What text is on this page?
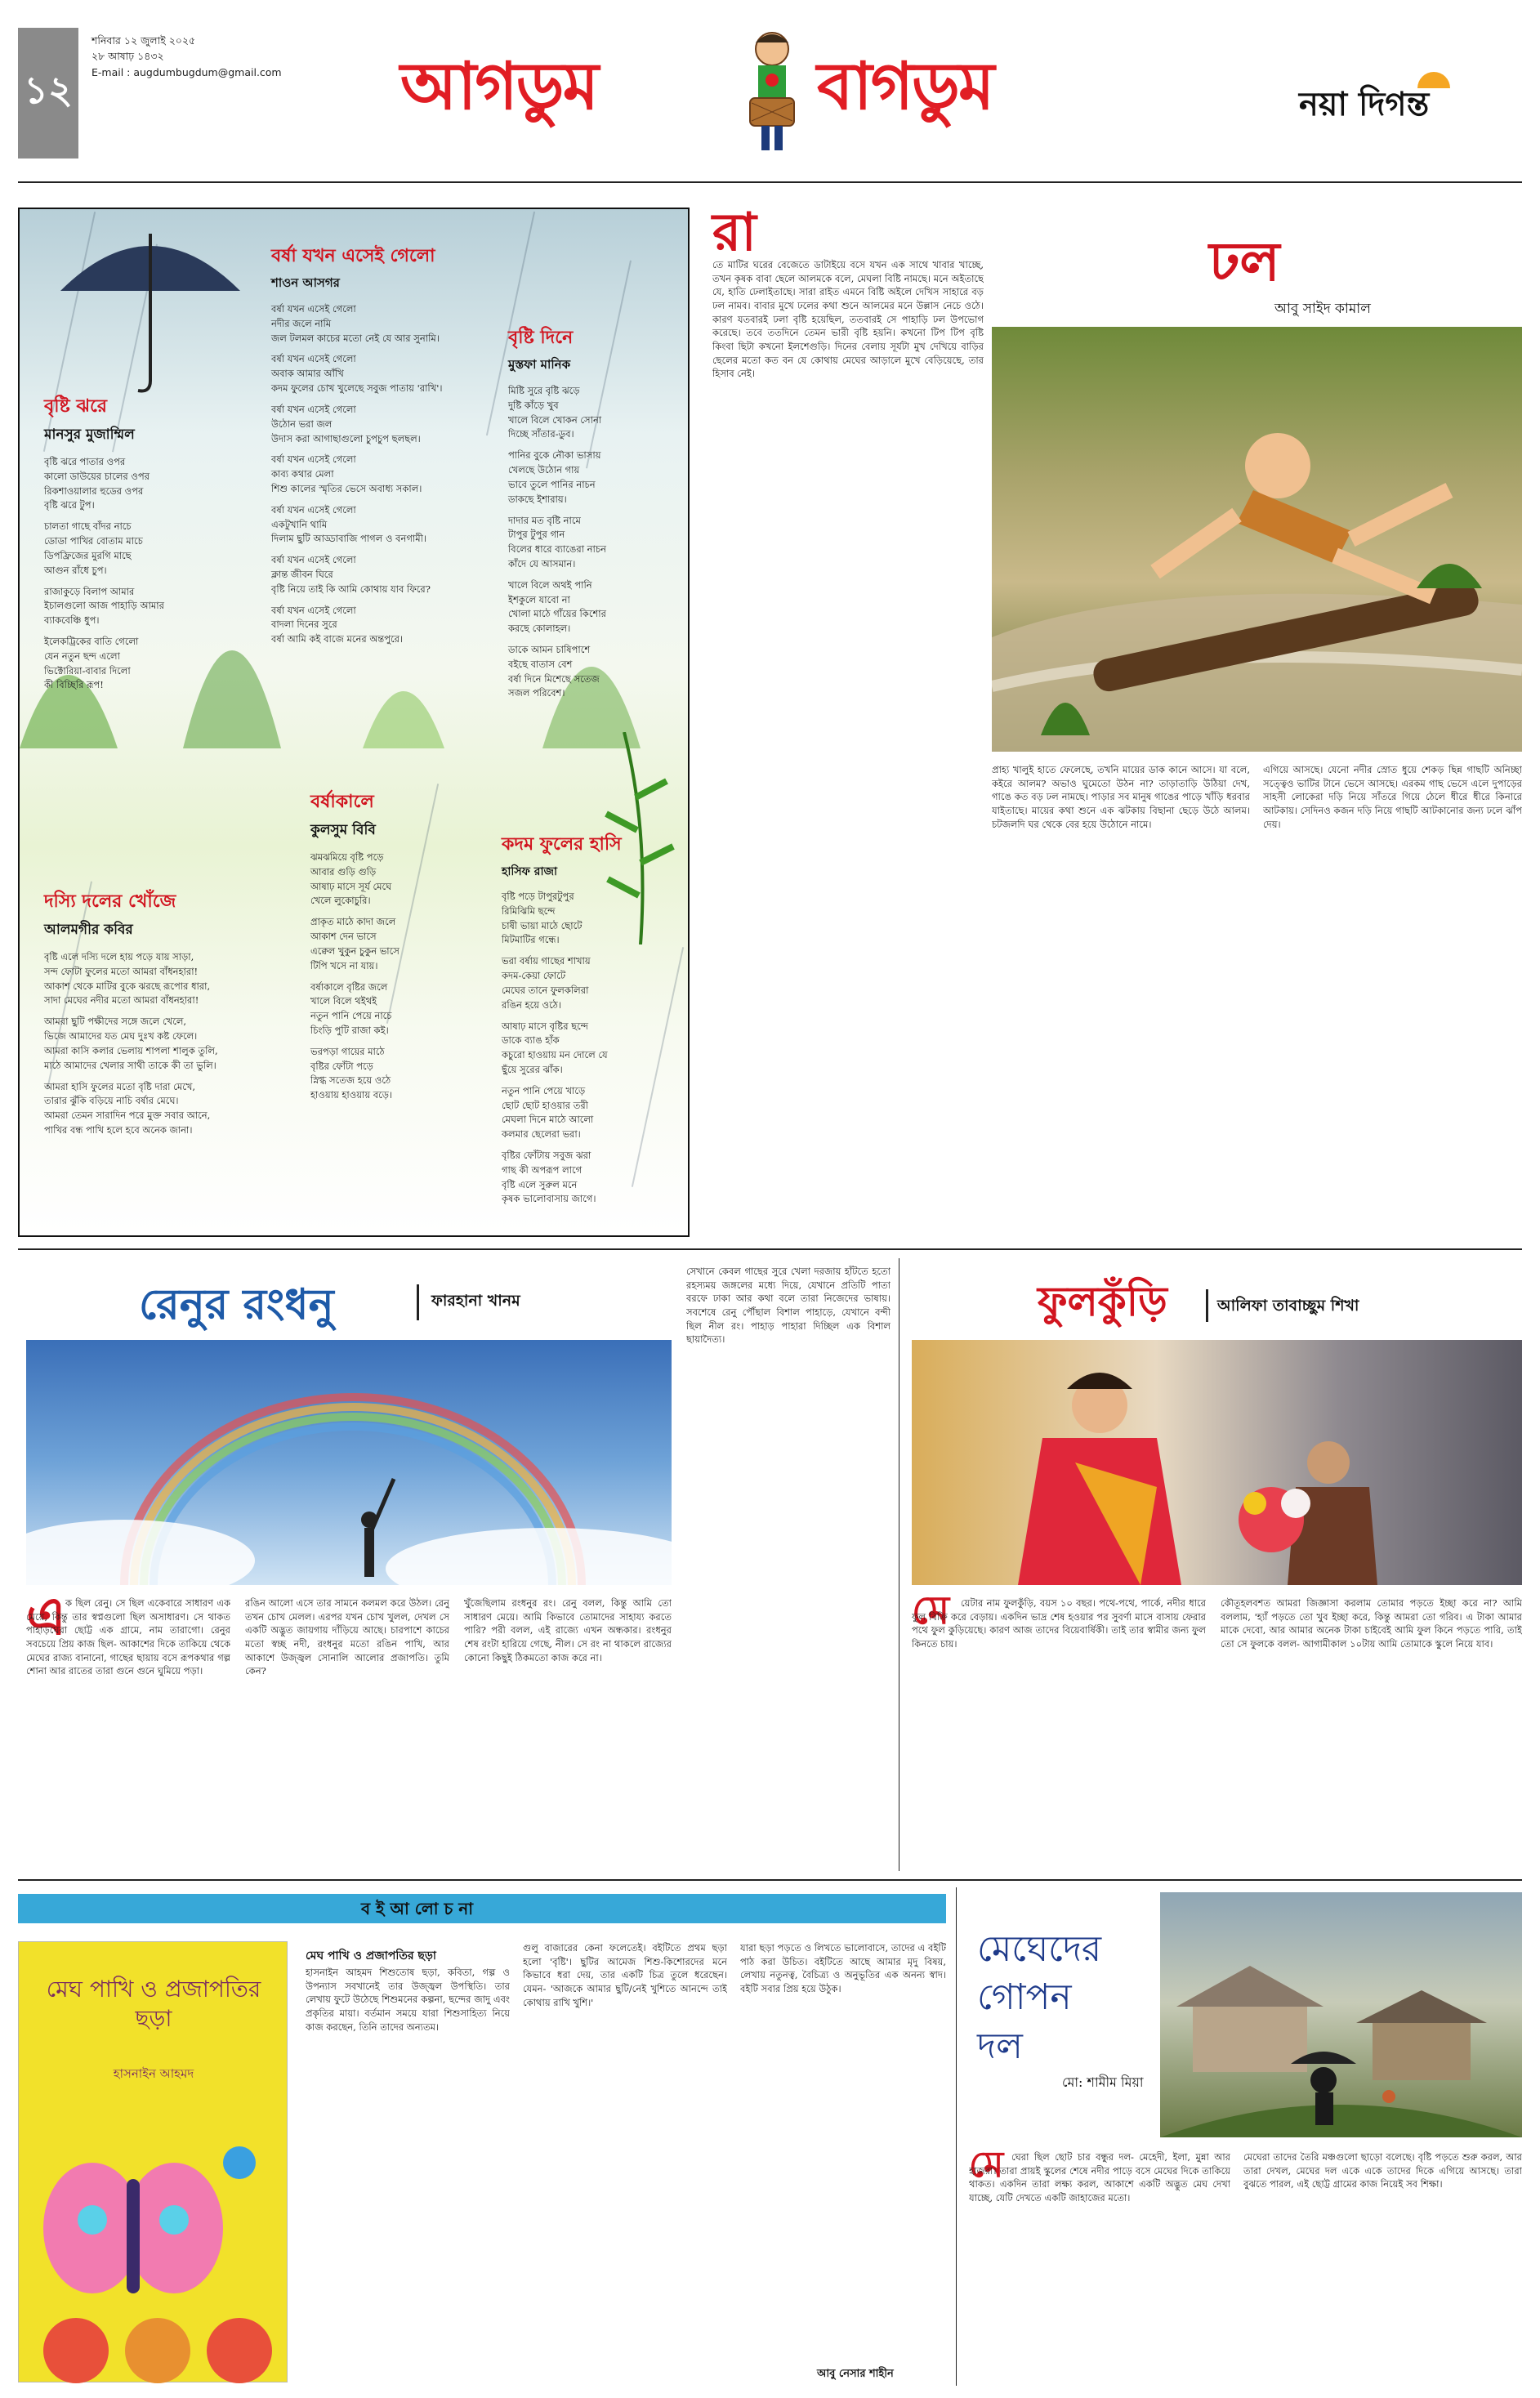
১২
শনিবার ১২ জুলাই ২০২৫
২৮ আষাঢ় ১৪৩২
E-mail : augdumbugdum@gmail.com আগডুম	বাগডুম	নয়া দিগন্ত
বর্ষা যখন এসেই গেলো
শাওন আসগর
বর্ষা যখন এসেই গেলো
নদীর জলে নামি
জল টলমল কাচের মতো নেই যে আর সুনামি।
বর্ষা যখন এসেই গেলো
অবাক আমার আঁখি
কদম ফুলের চোখ খুলেছে সবুজ পাতায় 'রাখি'।
বর্ষা যখন এসেই গেলো
উঠোন ভরা জল
উদাস করা আগাছাগুলো চুপচুপ ছলছল।
বর্ষা যখন এসেই গেলো
কাব্য কথার মেলা
শিশু কালের স্মৃতির ভেসে অবাধ্য সকাল।
বর্ষা যখন এসেই গেলো
একটুখানি থামি
দিলাম ছুটি আড্ডাবাজি পাগল ও বনগামী।
বর্ষা যখন এসেই গেলো
ক্লান্ত জীবন ঘিরে
বৃষ্টি নিয়ে তাই কি আমি কোথায় যাব ফিরে?
বর্ষা যখন এসেই গেলো
বাদলা দিনের সুরে
বর্ষা আমি কই বাজে মনের অন্তপুরে।
বৃষ্টি দিনে
মুস্তফা মানিক
মিষ্টি সুরে বৃষ্টি ঝড়ে
দুষ্টি কাঁড়ে খুব
খালে বিলে খোকন সোনা
দিচ্ছে সাঁতার-ডুব।
পানির বুকে নৌকা ভাসায়
খেলছে উঠোন গায়
ভাবে তুলে পানির নাচন
ডাকছে ইশারায়।
দাদার মত বৃষ্টি নামে
টাপুর টুপুর গান
বিলের ধারে ব্যাঙেরা নাচন
কাঁদে যে আসমান।
খালে বিলে অথই পানি
ইশকুলে যাবো না
খোলা মাঠে গাঁয়ের কিশোর
করছে কোলাহল।
ডাকে আমন চাষিপাশে
বইছে বাতাস বেশ
বর্ষা দিনে মিশেছে সতেজ
সজল পরিবেশ।
বৃষ্টি ঝরে
মানসুর মুজাম্মিল
বৃষ্টি ঝরে পাতার ওপর
কালো ডাউয়ের চালের ওপর
রিকশাওয়ালার হুডের ওপর
বৃষ্টি ঝরে টুপ।
চালতা গাছে বাঁদর নাচে
ডোডা পাখির বোতাম মাচে
ডিপফ্রিজের মুরগি মাছে
আগুন রাঁধে চুপ।
রাজাকুড়ে বিলাপ আমার
ইচালগুলো আজ পাহাড়ি আমার
ব্যাকবেঞ্চি ধুপ।
ইলেকট্রিকের বাতি গেলো
যেন নতুন ছন্দ এলো
ভিক্টোরিয়া-বাবার দিলো
কী বিচ্ছিরি রূপ!
বর্ষাকালে
কুলসুম বিবি
ঝমঝমিয়ে বৃষ্টি পড়ে
আবার গুড়ি গুড়ি
আষাঢ় মাসে সূর্য মেঘে
খেলে লুকোচুরি।
প্রাকৃত মাঠে কাদা জলে
আকাশ দেন ভাসে
এক্বেল খুকুন চুকুন ভাসে
টিপি খসে না যায়।
বর্ষাকালে বৃষ্টির জলে
খালে বিলে থইথই
নতুন পানি পেয়ে নাচে
চিংড়ি পুটি রাজা কই।
ভরপড়া গায়ের মাঠে
বৃষ্টির ফোঁটা পড়ে
স্নিগ্ধ সতেজ হয়ে ওঠে
হাওয়ায় হাওয়ায় বড়ে।
কদম ফুলের হাসি
হাসিফ রাজা
বৃষ্টি পড়ে টাপুরটুপুর
রিমিঝিমি ছন্দে
চাষী ভায়া মাঠে ছোটে
মিটমাটির গন্ধে।
ভরা বর্ষায় গাছের শাখায়
কদম-কেয়া ফোটে
মেঘের তানে ফুলকলিরা
রঙিন হয়ে ওঠে।
আষাঢ় মাসে বৃষ্টির ছন্দে
ডাকে ব্যাঙ হাঁক
কচুরো হাওয়ায় মন দোলে যে
ছুঁয়ে সুরের ঝাঁক।
নতুন পানি পেয়ে খাড়ে
ছোট ছোট হাওয়ার তরী
মেঘলা দিনে মাঠে আলো
কলমার ছেলেরা ভরা।
বৃষ্টির ফোঁটায় সবুজ ঝরা
গাছ কী অপরূপ লাগে
বৃষ্টি এলে সুরুল মনে
কৃষক ভালোবাসায় জাগে।
দস্যি দলের খোঁজে
আলমগীর কবির
বৃষ্টি এলে দস্যি দলে হায় পড়ে যায় সাড়া,
সন্দ ফোটা ফুলের মতো আমরা বাঁধনহারা!
আকাশ থেকে মাটির বুকে ঝরছে রূপোর ধারা,
সাদা মেঘের নদীর মতো আমরা বাঁধনহারা!
আমরা ছুটি পক্ষীদের সঙ্গে জলে খেলে,
ভিজে আমাদের যত মেঘ দুঃখ কষ্ট ফেলে।
আমরা কাসি কলার ভেলায় শাপলা শালুক তুলি,
মাঠে আমাদের খেলার সাথী তাকে কী তা ভুলি।
আমরা হাসি ফুলের মতো বৃষ্টি দারা মেখে,
তারার ঝুঁকি বড়িয়ে নাচি বর্ষার মেঘে।
আমরা তেমন সারাদিন পরে মুক্ত সবার আনে,
পাখির বন্ধ পাখি হলে হবে অনেক জানা।
রা
তে মাটির ঘরের বেজেতে ডাটাইয়ে বসে যখন এক সাথে খাবার খাচ্ছে, তখন কৃষক বাবা ছেলে আলমকে বলে, মেঘলা বিষ্টি নামছে। মনে অইতাছে যে, হাতি ঢেলাইতাছে। সারা রাইত এমনে বিষ্টি অইলে দেখিস সাহারে বড় ঢল নামব। বাবার মুখে ঢলের কথা শুনে আলমের মনে উল্লাস নেচে ওঠে। কারণ যতবারই ঢলা বৃষ্টি হয়েছিল, ততবারই সে পাহাড়ি ঢল উপভোগ করেছে। তবে ততদিনে তেমন ভারী বৃষ্টি হয়নি। কখনো টিপ টিপ বৃষ্টি কিংবা ছিটা কখনো ইলশেগুড়ি। দিনের বেলায় সূর্যটা মুখ দেখিয়ে বাড়ির ছেলের মতো কত বন যে কোথায় মেঘের আড়ালে মুখে বেড়িয়েছে, তার হিসাব নেই।
ঢল
আবু সাইদ কামাল
প্রাহ্য খালুই হাতে ফেলেছে, তখনি মায়ের ডাক কানে আসে। যা বলে, কইরে আলম? অভাও ঘুমেতো উঠন না? তাড়াতাড়ি উঠিয়া দেখ, গাঙে কত বড় ঢল নামছে। পাড়ার সব মানুষ গাঙের পাড়ে খাঁড়ি ধরবার যাইতাছে। মায়ের কথা শুনে এক ঝটকায় বিছানা ছেড়ে উঠে আলম। চটজলদি ঘর থেকে বের হয়ে উঠোনে নামে।
এগিয়ে আসছে। যেনো নদীর স্রোত ধুয়ে শেকড় ছিন্ন গাছটি অনিচ্ছা সত্ত্বেও ভাটির টানে ভেসে আসছে। এরকম গাছ ভেসে এলে দুপাড়ের সাহসী লোকেরা দড়ি নিয়ে সাঁতরে গিয়ে ঠেলে ধীরে ধীরে কিনারে আটকায়। সেদিনও কজন দড়ি নিয়ে গাছটি আটকানোর জন্য ঢলে ঝাঁপ দেয়।
রেনুর রংধনু	ফারহানা খানম
এ ক ছিল রেনু। সে ছিল একেবারে সাধারণ এক মেয়ে, কিন্তু তার স্বপ্নগুলো ছিল অসাধারণ। সে থাকত পাহাড়ঘেরা ছোট্ট এক গ্রামে, নাম তারাগো। রেনুর সবচেয়ে প্রিয় কাজ ছিল- আকাশের দিকে তাকিয়ে থেকে মেঘের রাজ্য বানানো, গাছের ছায়ায় বসে রূপকথার গল্প শোনা আর রাতের তারা গুনে গুনে ঘুমিয়ে পড়া।
রঙিন আলো এসে তার সামনে কলমল করে উঠল। রেনু তখন চোখ মেলল। এরপর যখন চোখ খুলল, দেখল সে একটি অদ্ভুত জায়গায় দাঁড়িয়ে আছে। চারপাশে কাচের মতো স্বচ্ছ নদী, রংধনুর মতো রঙিন পাখি, আর আকাশে উজ্জ্বল সোনালি আলোর প্রজাপতি। তুমি কেন?
খুঁজেছিলাম রংধনুর রং। রেনু বলল, কিন্তু আমি তো সাধারণ মেয়ে। আমি কিভাবে তোমাদের সাহায্য করতে পারি? পরী বলল, এই রাজ্যে এখন অন্ধকার। রংধনুর শেষ রংটা হারিয়ে গেছে, নীল। সে রং না থাকলে রাজ্যের কোনো কিছুই ঠিকমতো কাজ করে না।
সেখানে কেবল গাছের সুরে খেলা দরজায় হাঁটতে হতো রহস্যময় জঙ্গলের মধ্যে দিয়ে, যেখানে প্রতিটি পাতা বরফে ঢাকা আর কথা বলে তারা নিজেদের ভাষায়। সবশেষে রেনু পৌঁছাল বিশাল পাহাড়ে, যেখানে বন্দী ছিল নীল রং। পাহাড় পাহারা দিচ্ছিল এক বিশাল ছায়াদৈত্য।
ফুলকুঁড়ি	আলিফা তাবাচ্ছুম শিখা
মে	য়েটার নাম ফুলকুঁড়ি, বয়স ১০ বছর। পথে-পথে, পার্কে, নদীর ধারে ফুল বিক্রি করে বেড়ায়। একদিন ভাদ্র শেষ হওয়ার পর সুবর্ণা মাসে বাসায় ফেরার পথে ফুল কুড়িয়েছে। কারণ আজ তাদের বিয়েবার্ষিকী। তাই তার স্বামীর জন্য ফুল কিনতে চায়।
কৌতূহলবশত আমরা জিজ্ঞাসা করলাম তোমার পড়তে ইচ্ছা করে না? আমি বললাম, 'হ্যাঁ পড়তে তো খুব ইচ্ছা করে, কিন্তু আমরা তো গরিব। এ টাকা আমার মাকে দেবো, আর আমার অনেক টাকা চাইবেই আমি ফুল কিনে পড়তে পারি, তাই তো সে ফুলকে বলল- আগামীকাল ১০টায় আমি তোমাকে স্কুলে নিয়ে যাব।
ব ই আ লো চ না
মেঘ পাখি ও প্রজাপতির ছড়া
হাসনাইন আহমদ
মেঘ পাখি ও প্রজাপতির ছড়া
হাসনাইন আহমদ শিশুতোষ ছড়া, কবিতা, গল্প ও উপন্যাস সবখানেই তার উজ্জ্বল উপস্থিতি। তার লেখায় ফুটে উঠেছে শিশুমনের কল্পনা, ছন্দের জাদু এবং প্রকৃতির মায়া। বর্তমান সময়ে যারা শিশুসাহিত্য নিয়ে কাজ করছেন, তিনি তাদের অন্যতম।
গুলু বাজারের কেনা ফলেতেই। বইটিতে প্রথম ছড়া হলো 'বৃষ্টি'। ছুটির আমেজ শিশু-কিশোরদের মনে কিভাবে ধরা দেয়, তার একটি চিত্র তুলে ধরেছেন। যেমন- 'আজকে আমার ছুটি/নেই খুশিতে আনন্দে তাই কোথায় রাখি খুশি।'
যারা ছড়া পড়তে ও লিখতে ভালোবাসে, তাদের এ বইটি পাঠ করা উচিত। বইটিতে আছে আমার মৃদু বিষয়, লেখায় নতুনত্ব, বৈচিত্র্য ও অনুভূতির এক অনন্য স্বাদ। বইটি সবার প্রিয় হয়ে উঠুক।
আবু নেসার শাহীন
মেঘেদের
গোপন
দল
মো: শামীম মিয়া
মে ঘেরা ছিল ছোট চার বন্ধুর দল- মেহেদী, ইলা, মুন্না আর হাজরা। তারা প্রায়ই স্কুলের শেষে নদীর পাড়ে বসে মেঘের দিকে তাকিয়ে থাকত। একদিন তারা লক্ষ্য করল, আকাশে একটি অদ্ভুত মেঘ দেখা যাচ্ছে, যেটি দেখতে একটি জাহাজের মতো।
মেঘেরা তাদের তৈরি মঞ্চগুলো ছাড়ো বলেছে। বৃষ্টি পড়তে শুরু করল, আর তারা দেখল, মেঘের দল একে একে তাদের দিকে এগিয়ে আসছে। তারা বুঝতে পারল, এই ছোট্ট গ্রামের কাজ নিয়েই সব শিক্ষা।
